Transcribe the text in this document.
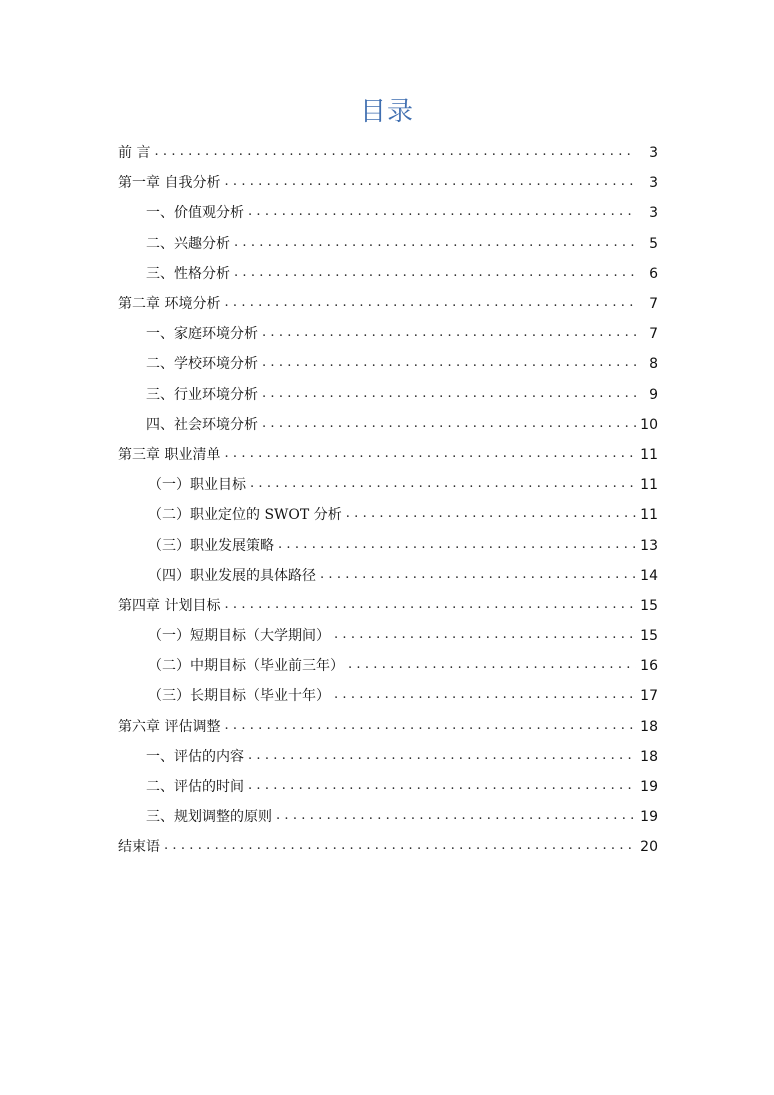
目录
前 言 .....	3
第一章 自我分析 .....	3
一、价值观分析 .....	3
二、兴趣分析 .....	5
三、性格分析 .....	6
第二章 环境分析 .....	7
一、家庭环境分析 .....	7
二、学校环境分析 .....	8
三、行业环境分析 .....	9
四、社会环境分析 .....	10
第三章 职业清单 .....	11
（一）职业目标 .....	11
（二）职业定位的 SWOT 分析 .....	11
（三）职业发展策略 .....	13
（四）职业发展的具体路径 .....	14
第四章 计划目标 .....	15
（一）短期目标（大学期间） .....	15
（二）中期目标（毕业前三年） .....	16
（三）长期目标（毕业十年） .....	17
第六章 评估调整 .....	18
一、评估的内容 .....	18
二、评估的时间 .....	19
三、规划调整的原则 .....	19
结束语 .....	20
